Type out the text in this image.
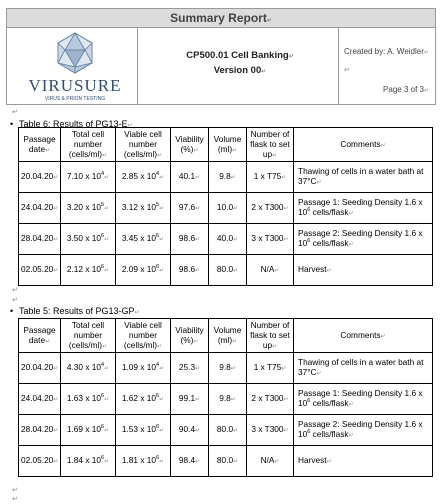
Summary Report↵
VIRUSURE
VIRUS & PRION TESTING
CP500.01 Cell Banking↵
Version 00↵
Created by: A. Weidler↵
↵
Page 3 of 3↵
↵
• Table 6: Results of PG13-E↵
Passage date↵	Total cell number (cells/ml)↵	Viable cell number (cells/ml)↵	Viability (%)↵	Volume (ml)↵	Number of flask to set up↵	Comments↵
20.04.20↵	7.10 x $10^4↵$	2.85 x $10^4↵$	40.1↵	9.8↵	1 x T75↵	Thawing of cells in a water bath at 37°C↵
24.04.20↵	3.20 x $10^5↵$	3.12 x $10^5↵$	97.6↵	10.0↵	2 x T300↵	Passage 1: Seeding Density 1.6 x $10^6$ cells/flask↵
28.04.20↵	3.50 x $10^6↵$	3.45 x $10^6↵$	98.6↵	40.0↵	3 x T300↵	Passage 2: Seeding Density 1.6 x $10^6$ cells/flask↵
02.05.20↵	2.12 x $10^6↵$	2.09 x $10^6↵$	98.6↵	80.0↵	N/A↵	Harvest↵
↵
↵
• Table 5: Results of PG13-GP↵
Passage date↵	Total cell number (cells/ml)↵	Viable cell number (cells/ml)↵	Viability (%)↵	Volume (ml)↵	Number of flask to set up↵	Comments↵
20.04.20↵	4.30 x $10^4↵$	1.09 x $10^4↵$	25.3↵	9.8↵	1 x T75↵	Thawing of cells in a water bath at 37°C↵
24.04.20↵	1.63 x $10^6↵$	1.62 x $10^6↵$	99.1↵	9.8↵	2 x T300↵	Passage 1: Seeding Density 1.6 x $10^6$ cells/flask↵
28.04.20↵	1.69 x $10^6↵$	1.53 x $10^6↵$	90.4↵	80.0↵	3 x T300↵	Passage 2: Seeding Density 1.6 x $10^6$ cells/flask↵
02.05.20↵	1.84 x $10^6↵$	1.81 x $10^6↵$	98.4↵	80.0↵	N/A↵	Harvest↵
↵
↵
